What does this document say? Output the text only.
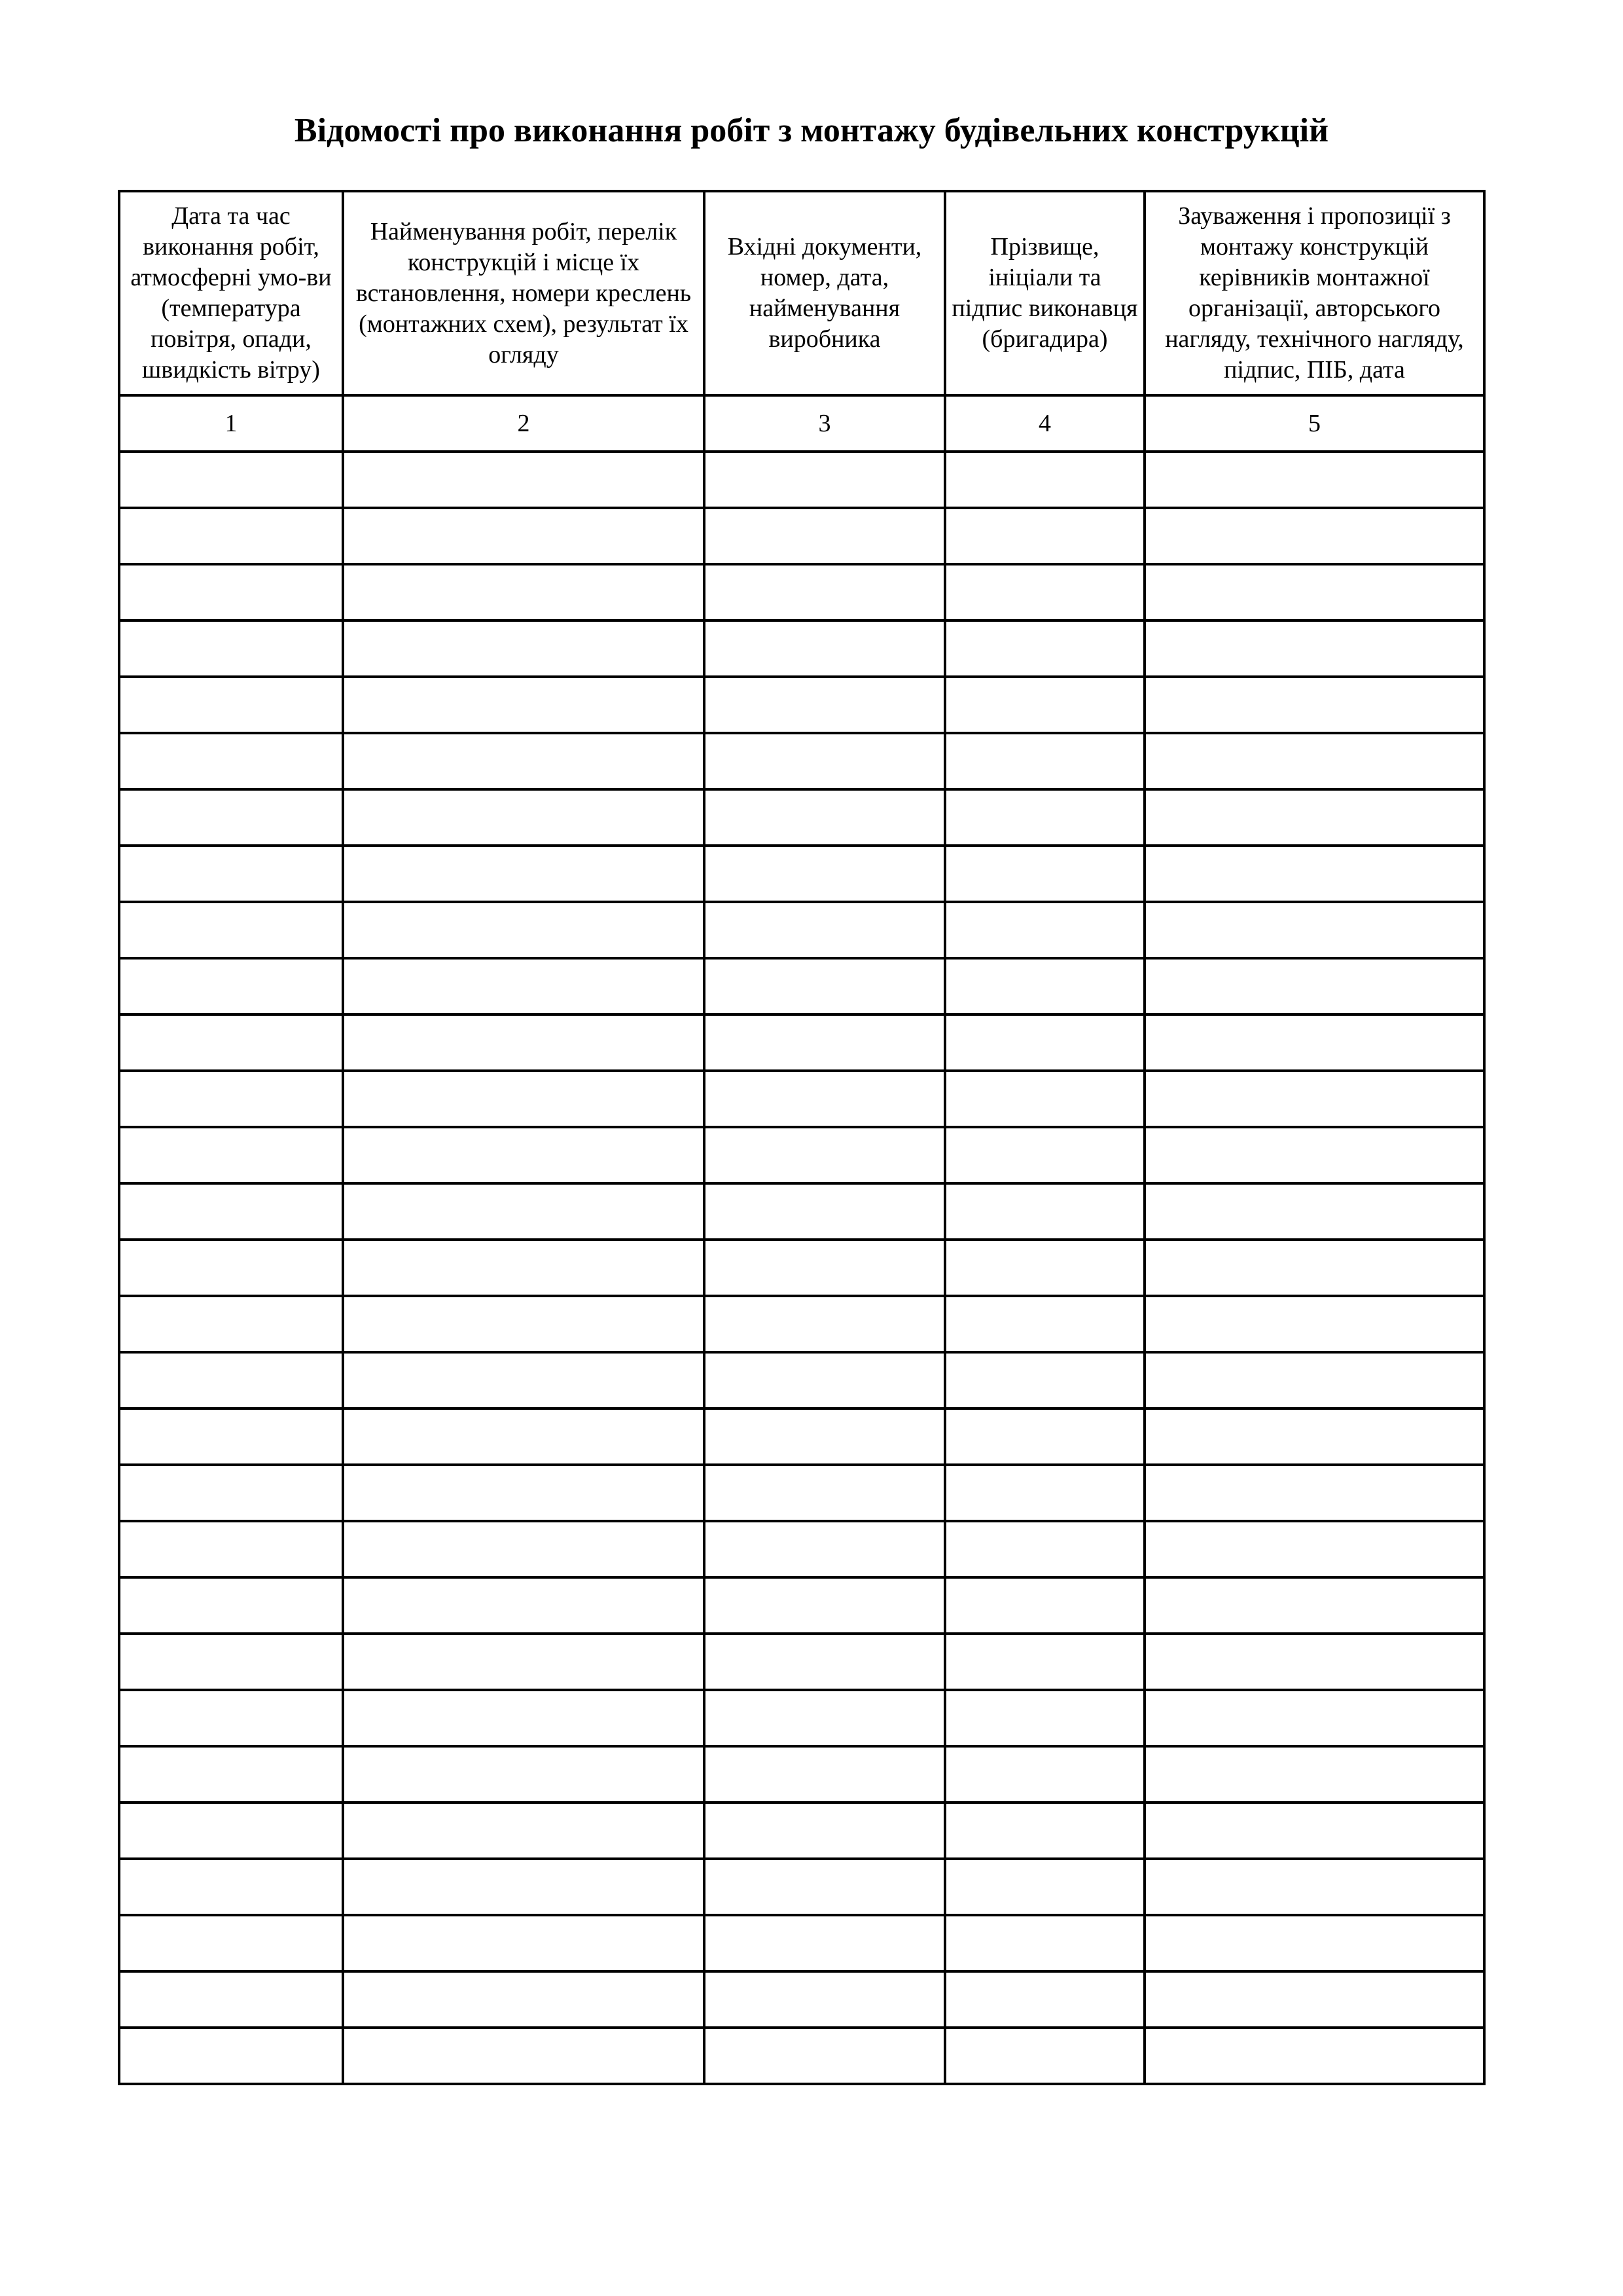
Відомості про виконання робіт з монтажу будівельних конструкцій
Дата та час виконання робіт, атмосферні умо-ви (температура повітря, опади, швидкість вітру)	Найменування робіт, перелік конструкцій і місце їх встановлення, номери креслень (монтажних схем), результат їх огляду	Вхідні документи, номер, дата, найменування виробника	Прізвище, ініціали та підпис виконавця (бригадира)	Зауваження і пропозиції з монтажу конструкцій керівників монтажної організації, авторського нагляду, технічного нагляду, підпис, ПІБ, дата
1	2	3	4	5
